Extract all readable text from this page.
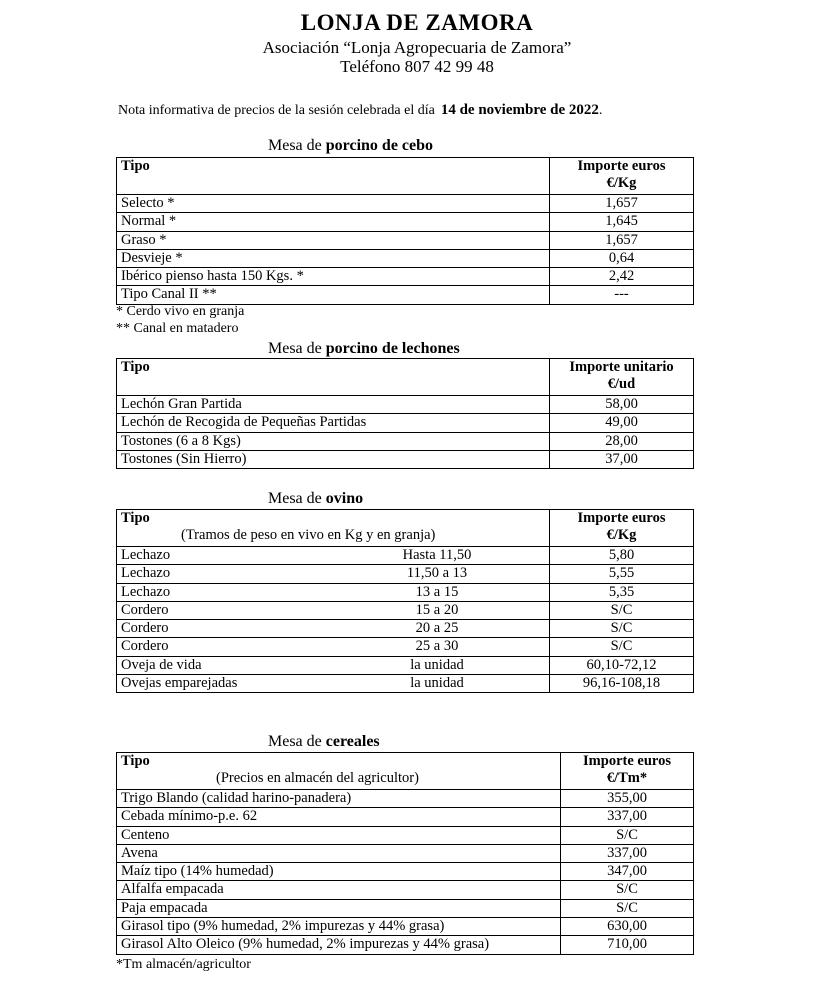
LONJA DE ZAMORA
Asociación “Lonja Agropecuaria de Zamora”
Teléfono 807 42 99 48
Nota informativa de precios de la sesión celebrada el día 14 de noviembre de 2022.
Mesa de porcino de cebo
Tipo	Importe euros
€/Kg
Selecto *	1,657
Normal *	1,645
Graso *	1,657
Desvieje *	0,64
Ibérico pienso hasta 150 Kgs. *	2,42
Tipo Canal II **	---
* Cerdo vivo en granja
** Canal en matadero
Mesa de porcino de lechones
Tipo	Importe unitario
€/ud
Lechón Gran Partida	58,00
Lechón de Recogida de Pequeñas Partidas	49,00
Tostones (6 a 8 Kgs)	28,00
Tostones (Sin Hierro)	37,00
Mesa de ovino
Tipo
(Tramos de peso en vivo en Kg y en granja)	Importe euros
€/Kg
Lechazo Hasta 11,50	5,80
Lechazo 11,50 a 13	5,55
Lechazo 13 a 15	5,35
Cordero 15 a 20	S/C
Cordero 20 a 25	S/C
Cordero 25 a 30	S/C
Oveja de vida la unidad	60,10-72,12
Ovejas emparejadas la unidad	96,16-108,18
Mesa de cereales
Tipo
(Precios en almacén del agricultor)	Importe euros
€/Tm*
Trigo Blando (calidad harino-panadera)	355,00
Cebada mínimo-p.e. 62	337,00
Centeno	S/C
Avena	337,00
Maíz tipo (14% humedad)	347,00
Alfalfa empacada	S/C
Paja empacada	S/C
Girasol tipo (9% humedad, 2% impurezas y 44% grasa)	630,00
Girasol Alto Oleico (9% humedad, 2% impurezas y 44% grasa)	710,00
*Tm almacén/agricultor
